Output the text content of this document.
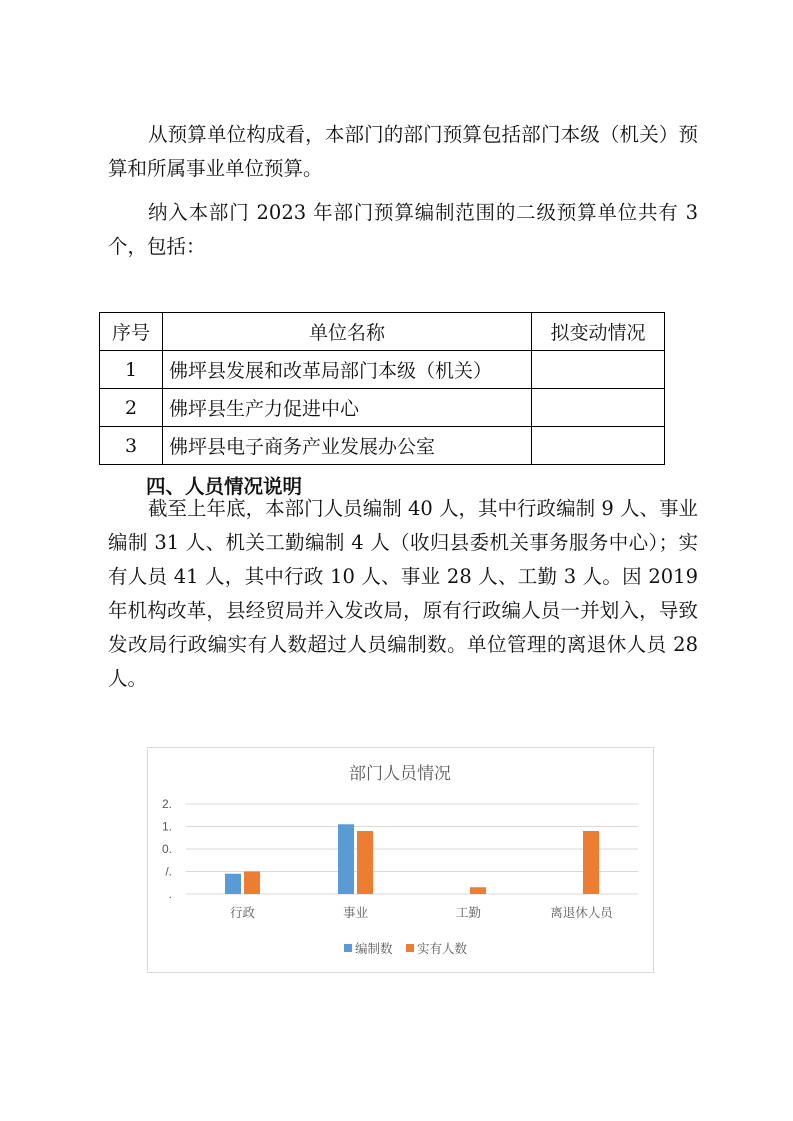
从预算单位构成看，本部门的部门预算包括部门本级（机关）预算和所属事业单位预算。

纳入本部门 2023 年部门预算编制范围的二级预算单位共有 3 个，包括：

序号	单位名称	拟变动情况
1	佛坪县发展和改革局部门本级（机关）	
2	佛坪县生产力促进中心	
3	佛坪县电子商务产业发展办公室	
四、人员情况说明

截至上年底，本部门人员编制 40 人，其中行政编制 9 人、事业编制 31 人、机关工勤编制 4 人（收归县委机关事务服务中心）；实有人员 41 人，其中行政 10 人、事业 28 人、工勤 3 人。因 2019 年机构改革，县经贸局并入发改局，原有行政编人员一并划入，导致发改局行政编实有人数超过人员编制数。单位管理的离退休人员 28 人。

部门人员情况
.
/.
0.
1.
2.
行政	事业	工勤	离退休人员
编制数 实有人数
